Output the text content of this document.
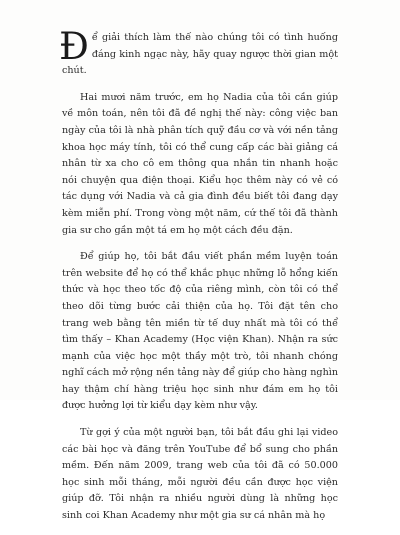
Để giải thích làm thế nào chúng tôi có tình huống đáng kinh ngạc này, hãy quay ngược thời gian một chút.

Hai mươi năm trước, em họ Nadia của tôi cần giúp về môn toán, nên tôi đã đề nghị thế này: công việc ban ngày của tôi là nhà phân tích quỹ đầu cơ và với nền tảng khoa học máy tính, tôi có thể cung cấp các bài giảng cá nhân từ xa cho cô em thông qua nhắn tin nhanh hoặc nói chuyện qua điện thoại. Kiểu học thêm này có vẻ có tác dụng với Nadia và cả gia đình đều biết tôi đang dạy kèm miễn phí. Trong vòng một năm, cứ thế tôi đã thành gia sư cho gần một tá em họ một cách đều đặn.

Để giúp họ, tôi bắt đầu viết phần mềm luyện toán trên website để họ có thể khắc phục những lỗ hổng kiến thức và học theo tốc độ của riêng mình, còn tôi có thể theo dõi từng bước cải thiện của họ. Tôi đặt tên cho trang web bằng tên miền từ tế duy nhất mà tôi có thể tìm thấy – Khan Academy (Học viện Khan). Nhận ra sức mạnh của việc học một thầy một trò, tôi nhanh chóng nghĩ cách mở rộng nền tảng này để giúp cho hàng nghìn hay thậm chí hàng triệu học sinh như đám em họ tôi được hưởng lợi từ kiểu dạy kèm như vậy.

Từ gợi ý của một người bạn, tôi bắt đầu ghi lại video các bài học và đăng trên YouTube để bổ sung cho phần mềm. Đến năm 2009, trang web của tôi đã có 50.000 học sinh mỗi tháng, mỗi người đều cần được học viện giúp đỡ. Tôi nhận ra nhiều người dùng là những học sinh coi Khan Academy như một gia sư cá nhân mà họ
